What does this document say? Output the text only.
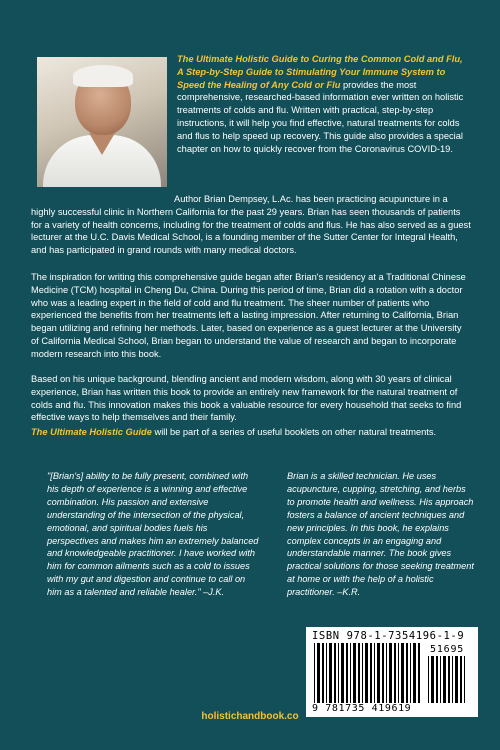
The Ultimate Holistic Guide to Curing the Common Cold and Flu, A Step-by-Step Guide to Stimulating Your Immune System to Speed the Healing of Any Cold or Flu provides the most comprehensive, researched-based information ever written on holistic treatments of colds and flu. Written with practical, step-by-step instructions, it will help you find effective, natural treatments for colds and flus to help speed up recovery. This guide also provides a special chapter on how to quickly recover from the Coronavirus COVID-19.

Author Brian Dempsey, L.Ac. has been practicing acupuncture in a highly successful clinic in Northern California for the past 29 years. Brian has seen thousands of patients for a variety of health concerns, including for the treatment of colds and flus. He has also served as a guest lecturer at the U.C. Davis Medical School, is a founding member of the Sutter Center for Integral Health, and has participated in grand rounds with many medical doctors.

The inspiration for writing this comprehensive guide began after Brian's residency at a Traditional Chinese Medicine (TCM) hospital in Cheng Du, China. During this period of time, Brian did a rotation with a doctor who was a leading expert in the field of cold and flu treatment. The sheer number of patients who experienced the benefits from her treatments left a lasting impression. After returning to California, Brian began utilizing and refining her methods. Later, based on experience as a guest lecturer at the University of California Medical School, Brian began to understand the value of research and began to incorporate modern research into this book.

Based on his unique background, blending ancient and modern wisdom, along with 30 years of clinical experience, Brian has written this book to provide an entirely new framework for the natural treatment of colds and flu. This innovation makes this book a valuable resource for every household that seeks to find effective ways to help themselves and their family.

The Ultimate Holistic Guide will be part of a series of useful booklets on other natural treatments.

"[Brian's] ability to be fully present, combined with his depth of experience is a winning and effective combination. His passion and extensive understanding of the intersection of the physical, emotional, and spiritual bodies fuels his perspectives and makes him an extremely balanced and knowledgeable practitioner. I have worked with him for common ailments such as a cold to issues with my gut and digestion and continue to call on him as a talented and reliable healer." –J.K.

Brian is a skilled technician. He uses acupuncture, cupping, stretching, and herbs to promote health and wellness. His approach fosters a balance of ancient techniques and new principles. In this book, he explains complex concepts in an engaging and understandable manner. The book gives practical solutions for those seeking treatment at home or with the help of a holistic practitioner. –K.R.

ISBN 978-1-7354196-1-9
51695
9 781735 419619
holistichandbook.co
